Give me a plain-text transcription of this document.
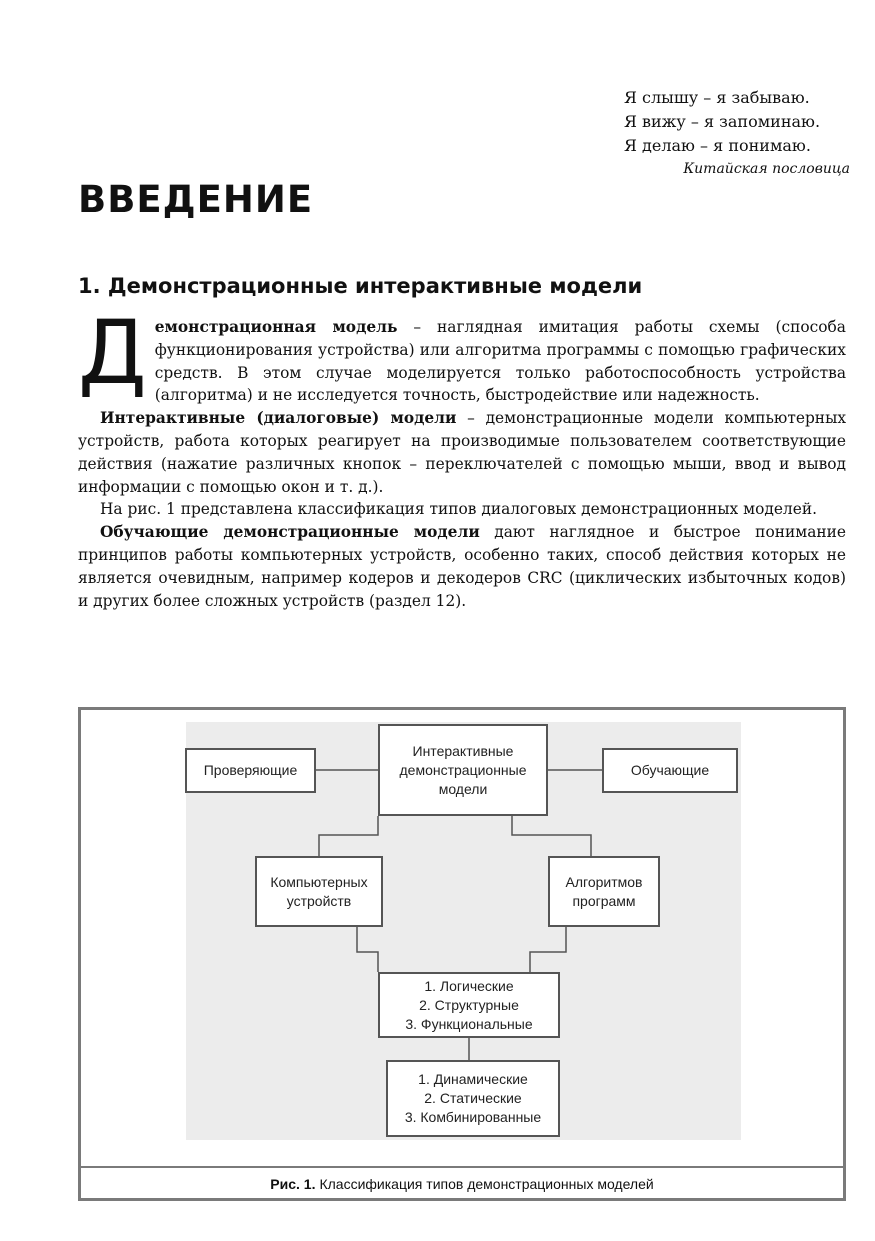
Я слышу – я забываю.
Я вижу – я запоминаю.
Я делаю – я понимаю.
Китайская пословица
ВВЕДЕНИЕ
1. Демонстрационные интерактивные модели

Демонстрационная модель – наглядная имитация работы схемы (способа функционирования устройства) или алгоритма программы с помощью графических средств. В этом случае моделируется только работоспособность устройства (алгоритма) и не исследуется точность, быстродействие или надежность.

Интерактивные (диалоговые) модели – демонстрационные модели компьютерных устройств, работа которых реагирует на производимые пользователем соответствующие действия (нажатие различных кнопок – переключателей с помощью мыши, ввод и вывод информации с помощью окон и т. д.).

На рис. 1 представлена классификация типов диалоговых демонстрационных моделей.

Обучающие демонстрационные модели дают наглядное и быстрое понимание принципов работы компьютерных устройств, особенно таких, способ действия которых не является очевидным, например кодеров и декодеров CRC (циклических избыточных кодов) и других более сложных устройств (раздел 12).

Проверяющие
Интерактивные
демонстрационные
модели
Обучающие
Компьютерных
устройств
Алгоритмов
программ
1. Логические
2. Структурные
3. Функциональные
1. Динамические
2. Статические
3. Комбинированные
Рис. 1. Классификация типов демонстрационных моделей
